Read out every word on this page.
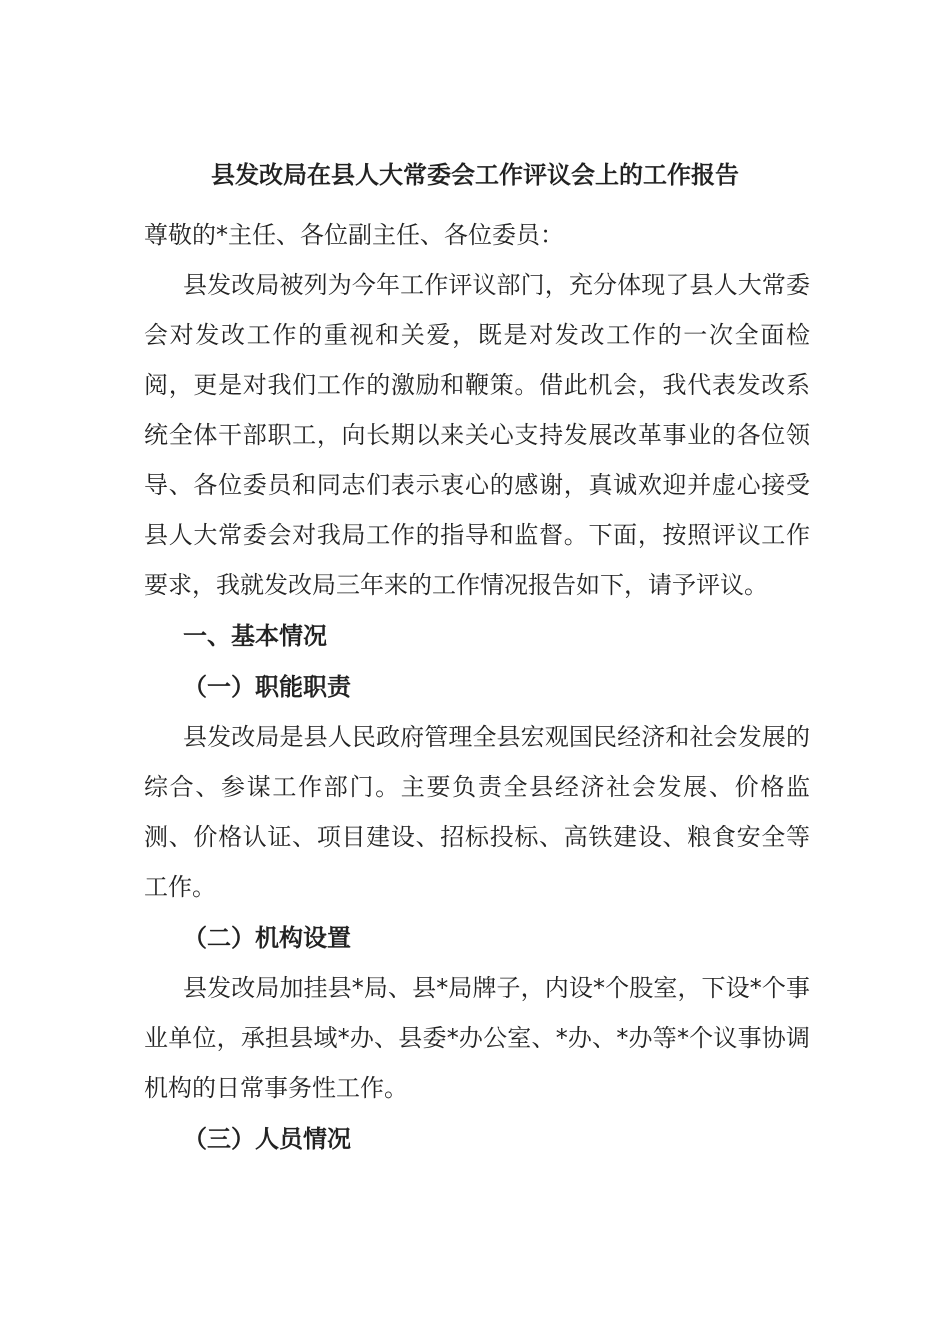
县发改局在县人大常委会工作评议会上的工作报告

尊敬的*主任、各位副主任、各位委员：

县发改局被列为今年工作评议部门，充分体现了县人大常委会对发改工作的重视和关爱，既是对发改工作的一次全面检阅，更是对我们工作的激励和鞭策。借此机会，我代表发改系统全体干部职工，向长期以来关心支持发展改革事业的各位领导、各位委员和同志们表示衷心的感谢，真诚欢迎并虚心接受县人大常委会对我局工作的指导和监督。下面，按照评议工作要求，我就发改局三年来的工作情况报告如下，请予评议。

一、基本情况

（一）职能职责

县发改局是县人民政府管理全县宏观国民经济和社会发展的综合、参谋工作部门。主要负责全县经济社会发展、价格监测、价格认证、项目建设、招标投标、高铁建设、粮食安全等工作。

（二）机构设置

县发改局加挂县*局、县*局牌子，内设*个股室，下设*个事业单位，承担县域*办、县委*办公室、*办、*办等*个议事协调机构的日常事务性工作。

（三）人员情况
